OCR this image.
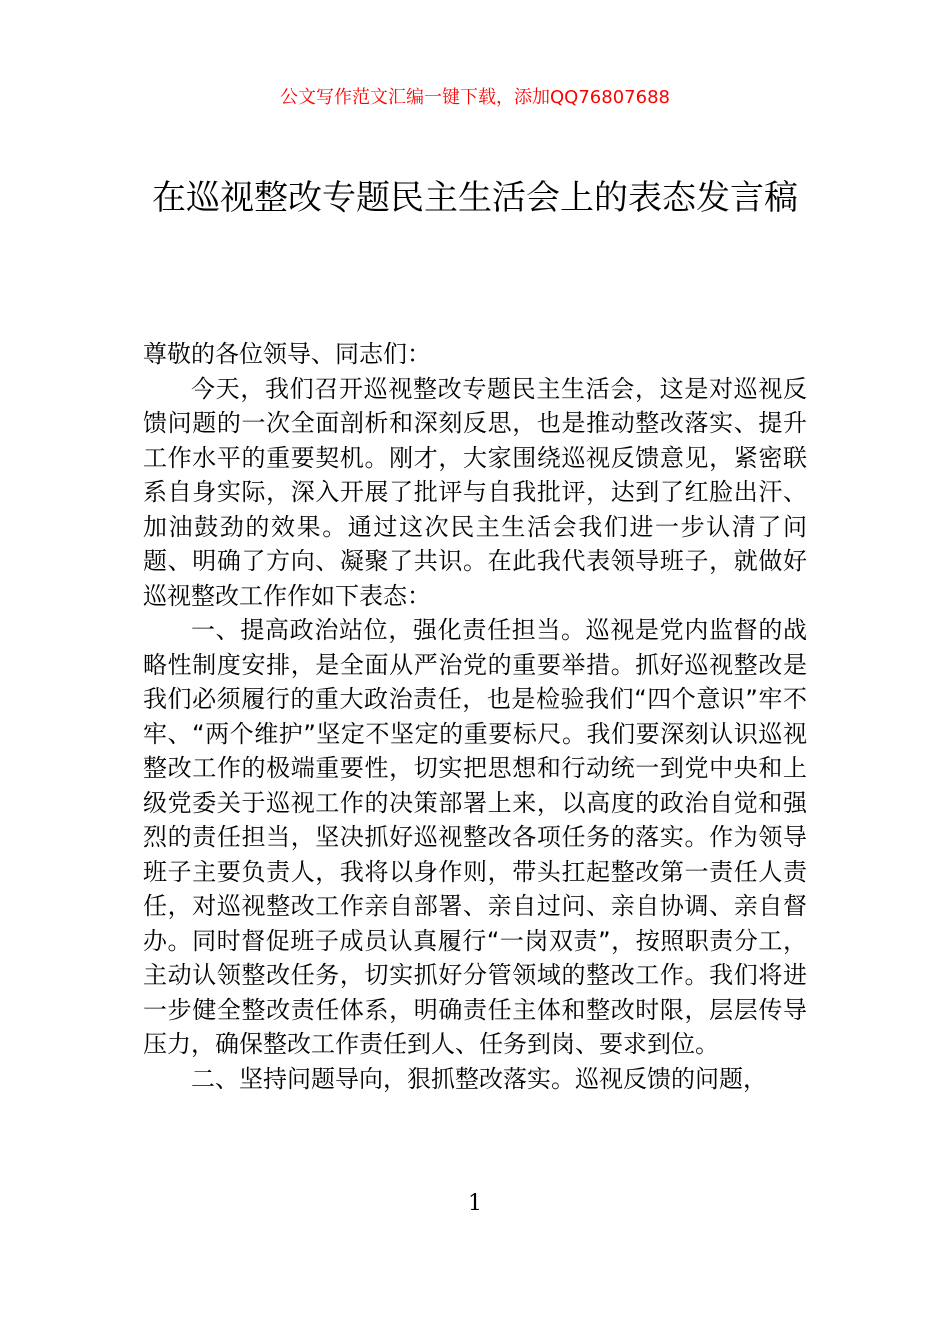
公文写作范文汇编一键下载，添加QQ76807688
在巡视整改专题民主生活会上的表态发言稿

尊敬的各位领导、同志们：

今天，我们召开巡视整改专题民主生活会，这是对巡视反馈问题的一次全面剖析和深刻反思，也是推动整改落实、提升工作水平的重要契机。刚才，大家围绕巡视反馈意见，紧密联系自身实际，深入开展了批评与自我批评，达到了红脸出汗、加油鼓劲的效果。通过这次民主生活会我们进一步认清了问题、明确了方向、凝聚了共识。在此我代表领导班子，就做好巡视整改工作作如下表态：

一、提高政治站位，强化责任担当。巡视是党内监督的战略性制度安排，是全面从严治党的重要举措。抓好巡视整改是我们必须履行的重大政治责任，也是检验我们“四个意识”牢不牢、“两个维护”坚定不坚定的重要标尺。我们要深刻认识巡视整改工作的极端重要性，切实把思想和行动统一到党中央和上级党委关于巡视工作的决策部署上来，以高度的政治自觉和强烈的责任担当，坚决抓好巡视整改各项任务的落实。作为领导班子主要负责人，我将以身作则，带头扛起整改第一责任人责任，对巡视整改工作亲自部署、亲自过问、亲自协调、亲自督办。同时督促班子成员认真履行“一岗双责”，按照职责分工，主动认领整改任务，切实抓好分管领域的整改工作。我们将进一步健全整改责任体系，明确责任主体和整改时限，层层传导压力，确保整改工作责任到人、任务到岗、要求到位。

二、坚持问题导向，狠抓整改落实。巡视反馈的问题，

1
